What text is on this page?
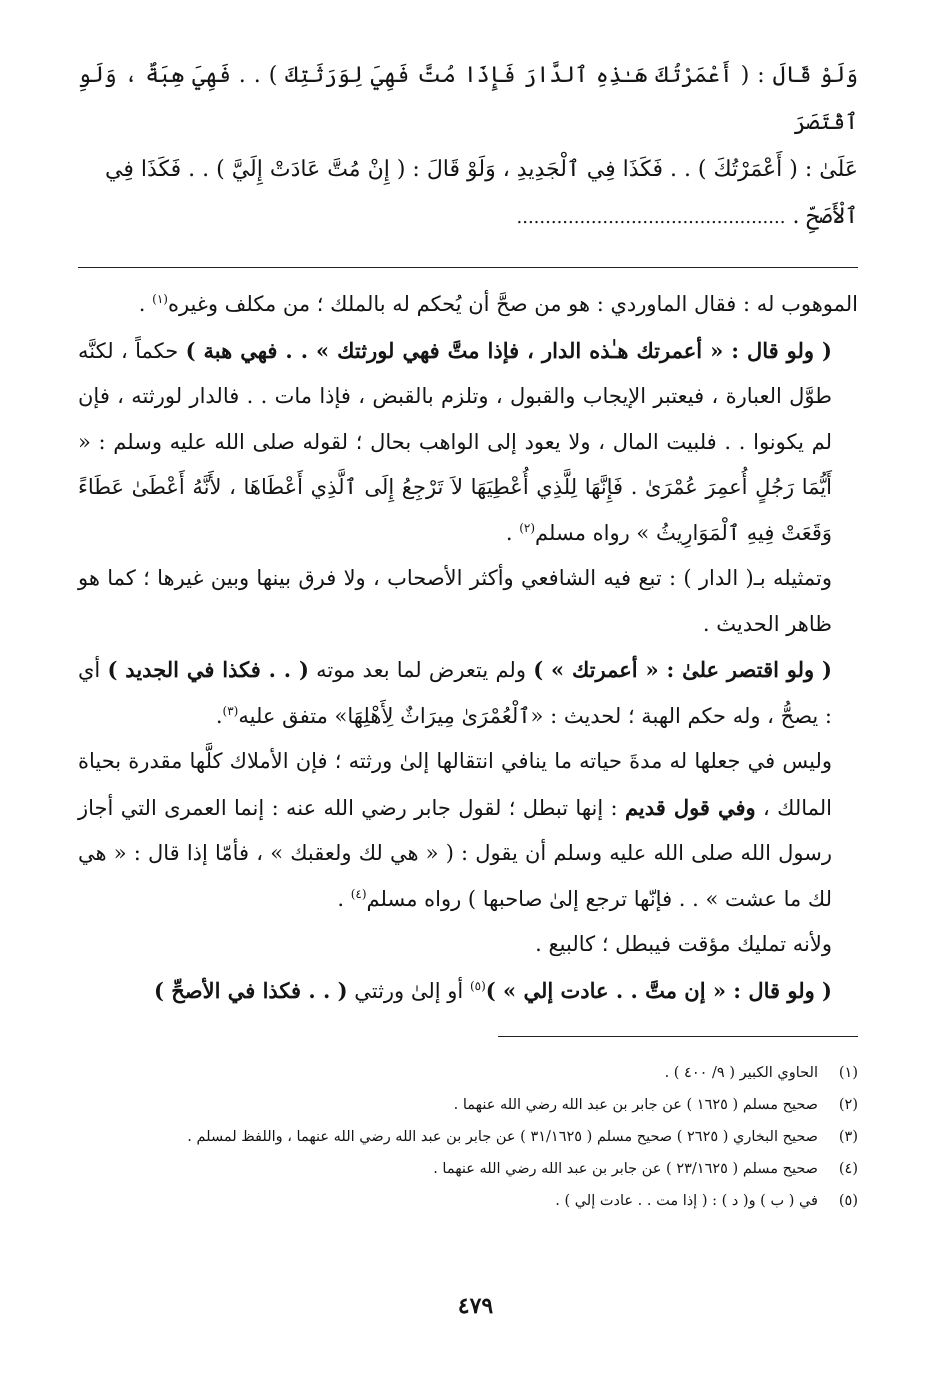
وَلَوْ قَالَ : ( أَعْمَرْتُكَ هَـٰذِهِ ٱلدَّارَ فَإِذَا مُتَّ فَهِيَ لِوَرَثَتِكَ ) . . فَهِيَ هِبَةٌ ، وَلَوِ ٱقْتَصَرَ

عَلَىٰ : ( أَعْمَرْتُكَ ) . . فَكَذَا فِي ٱلْجَدِيدِ ، وَلَوْ قَالَ : ( إِنْ مُتَّ عَادَتْ إِلَيَّ ) . . فَكَذَا فِي

ٱلْأَصَحِّ . ...............................................

الموهوب له : فقال الماوردي : هو من صحَّ أن يُحكم له بالملك ؛ من مكلف وغيره$^{(١)}$ .

( ولو قال : « أعمرتك هـٰذه الدار ، فإذا متَّ فهي لورثتك » . . فهي هبة ) حكماً ، لكنَّه طوَّل العبارة ، فيعتبر الإيجاب والقبول ، وتلزم بالقبض ، فإذا مات . . فالدار لورثته ، فإن لم يكونوا . . فلبيت المال ، ولا يعود إلى الواهب بحال ؛ لقوله صلى الله عليه وسلم : « أَيُّمَا رَجُلٍ أُعمِرَ عُمْرَىٰ . فَإِنَّهَا لِلَّذِي أُعْطِيَهَا لاَ تَرْجِعُ إِلَى ٱلَّذِي أَعْطَاهَا ، لأَنَّهُ أَعْطَىٰ عَطَاءً وَقَعَتْ فِيهِ ٱلْمَوَارِيثُ » رواه مسلم$^{(٢)}$ .

وتمثيله بـ( الدار ) : تبع فيه الشافعي وأكثر الأصحاب ، ولا فرق بينها وبين غيرها ؛ كما هو ظاهر الحديث .

( ولو اقتصر علىٰ : « أعمرتك » ) ولم يتعرض لما بعد موته ( . . فكذا في الجديد ) أي : يصحُّ ، وله حكم الهبة ؛ لحديث : «ٱلْعُمْرَىٰ مِيرَاثٌ لِأَهْلِهَا» متفق عليه$^{(٣)}$.

وليس في جعلها له مدةَ حياته ما ينافي انتقالها إلىٰ ورثته ؛ فإن الأملاك كلَّها مقدرة بحياة المالك ، وفي قول قديم : إنها تبطل ؛ لقول جابر رضي الله عنه : إنما العمرى التي أجاز رسول الله صلى الله عليه وسلم أن يقول : ( « هي لك ولعقبك » ، فأمّا إذا قال : « هي لك ما عشت » . . فإنّها ترجع إلىٰ صاحبها ) رواه مسلم$^{(٤)}$ .

ولأنه تمليك مؤقت فيبطل ؛ كالبيع .

( ولو قال : « إن متَّ . . عادت إلي » )$^{(٥)}$ أو إلىٰ ورثتي ( . . فكذا في الأصحِّ )

(١)
الحاوي الكبير ( ٩/ ٤٠٠ ) .
(٢)
صحيح مسلم ( ١٦٢٥ ) عن جابر بن عبد الله رضي الله عنهما .
(٣)
صحيح البخاري ( ٢٦٢٥ ) صحيح مسلم ( ٣١/١٦٢٥ ) عن جابر بن عبد الله رضي الله عنهما ، واللفظ لمسلم .
(٤)
صحيح مسلم ( ٢٣/١٦٢٥ ) عن جابر بن عبد الله رضي الله عنهما .
(٥)
في ( ب ) و( د ) : ( إذا مت . . عادت إلي ) .
٤٧٩
